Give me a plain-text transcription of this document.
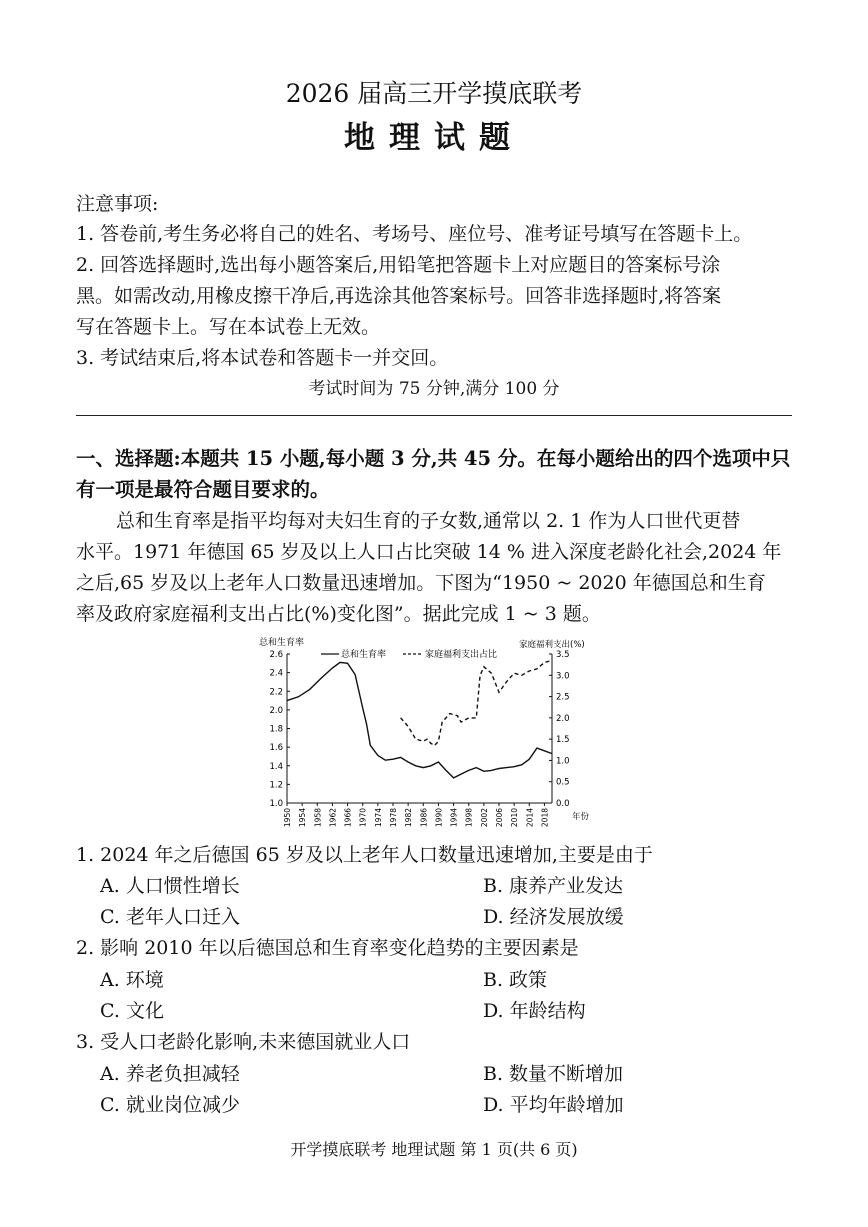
2026 届高三开学摸底联考
地理试题
注意事项:
1. 答卷前,考生务必将自己的姓名、考场号、座位号、准考证号填写在答题卡上。
2. 回答选择题时,选出每小题答案后,用铅笔把答题卡上对应题目的答案标号涂
黑。如需改动,用橡皮擦干净后,再选涂其他答案标号。回答非选择题时,将答案
写在答题卡上。写在本试卷上无效。
3. 考试结束后,将本试卷和答题卡一并交回。
考试时间为 75 分钟,满分 100 分
一、选择题:本题共 15 小题,每小题 3 分,共 45 分。在每小题给出的四个选项中只
有一项是最符合题目要求的。
总和生育率是指平均每对夫妇生育的子女数,通常以 2. 1 作为人口世代更替
水平。1971 年德国 65 岁及以上人口占比突破 14 % 进入深度老龄化社会,2024 年
之后,65 岁及以上老年人口数量迅速增加。下图为“1950 ~ 2020 年德国总和生育
率及政府家庭福利支出占比(%)变化图”。据此完成 1 ~ 3 题。
总和生育率	家庭福利支出(%)
总和生育率	家庭福利支出占比
年份
1.0
1.2
1.4
1.6
1.8
2.0
2.2
2.4
2.6
0.0
0.5
1.0
1.5
2.0
2.5
3.0
3.5
1950 1954 1958 1962 1966 1970 1974 1978 1982 1986 1990 1994 1998 2002 2006 2010 2014 2018
1. 2024 年之后德国 65 岁及以上老年人口数量迅速增加,主要是由于
A. 人口惯性增长	B. 康养产业发达
C. 老年人口迁入	D. 经济发展放缓
2. 影响 2010 年以后德国总和生育率变化趋势的主要因素是
A. 环境	B. 政策
C. 文化	D. 年龄结构
3. 受人口老龄化影响,未来德国就业人口
A. 养老负担减轻	B. 数量不断增加
C. 就业岗位减少	D. 平均年龄增加
开学摸底联考 地理试题 第 1 页(共 6 页)
